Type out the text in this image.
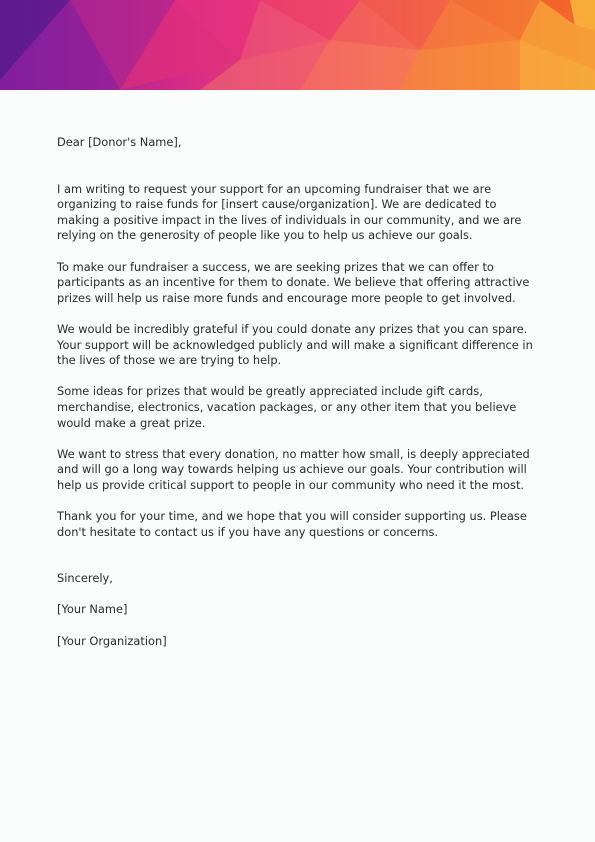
Dear [Donor's Name],

I am writing to request your support for an upcoming fundraiser that we are organizing to raise funds for [insert cause/organization]. We are dedicated to making a positive impact in the lives of individuals in our community, and we are relying on the generosity of people like you to help us achieve our goals.

To make our fundraiser a success, we are seeking prizes that we can offer to participants as an incentive for them to donate. We believe that offering attractive prizes will help us raise more funds and encourage more people to get involved.

We would be incredibly grateful if you could donate any prizes that you can spare. Your support will be acknowledged publicly and will make a significant difference in the lives of those we are trying to help.

Some ideas for prizes that would be greatly appreciated include gift cards, merchandise, electronics, vacation packages, or any other item that you believe would make a great prize.

We want to stress that every donation, no matter how small, is deeply appreciated and will go a long way towards helping us achieve our goals. Your contribution will help us provide critical support to people in our community who need it the most.

Thank you for your time, and we hope that you will consider supporting us. Please don't hesitate to contact us if you have any questions or concerns.

Sincerely,

[Your Name]

[Your Organization]
